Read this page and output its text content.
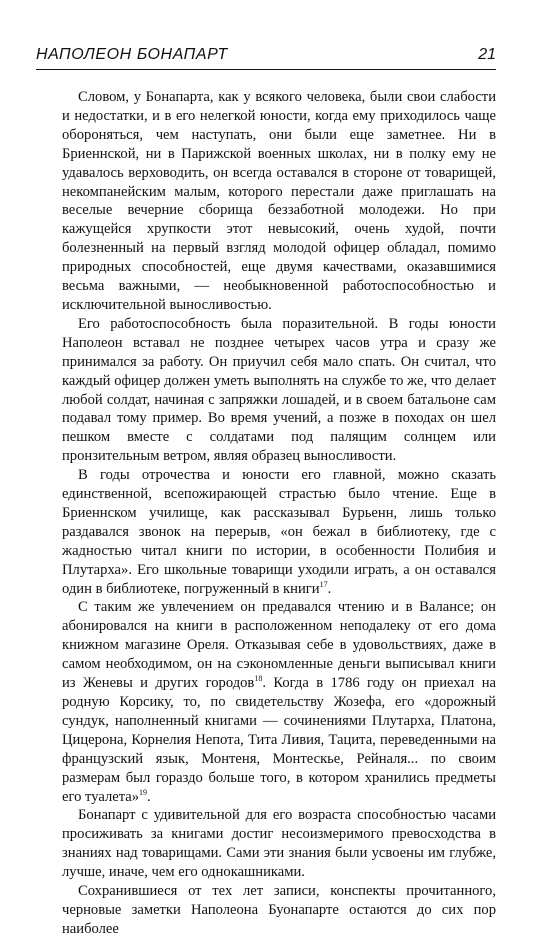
НАПОЛЕОН БОНАПАРТ	21

Словом, у Бонапарта, как у всякого человека, были свои слабости и недостатки, и в его нелегкой юности, когда ему приходилось чаще обороняться, чем наступать, они были еще заметнее. Ни в Бриеннской, ни в Парижской военных школах, ни в полку ему не удавалось верховодить, он всегда оставался в стороне от товарищей, некомпанейским малым, которого перестали даже приглашать на веселые вечерние сборища беззаботной молодежи. Но при кажущейся хрупкости этот невысокий, очень худой, почти болезненный на первый взгляд молодой офицер обладал, помимо природных способностей, еще двумя качествами, оказавшимися весьма важными, — необыкновенной работоспособностью и исключительной выносливостью.

Его работоспособность была поразительной. В годы юности Наполеон вставал не позднее четырех часов утра и сразу же принимался за работу. Он приучил себя мало спать. Он считал, что каждый офицер должен уметь выполнять на службе то же, что делает любой солдат, начиная с запряжки лошадей, и в своем батальоне сам подавал тому пример. Во время учений, а позже в походах он шел пешком вместе с солдатами под палящим солнцем или пронзительным ветром, являя образец выносливости.

В годы отрочества и юности его главной, можно сказать единственной, всепожирающей страстью было чтение. Еще в Бриеннском училище, как рассказывал Бурьенн, лишь только раздавался звонок на перерыв, «он бежал в библиотеку, где с жадностью читал книги по истории, в особенности Полибия и Плутарха». Его школьные товарищи уходили играть, а он оставался один в библиотеке, погруженный в книги$^{17}$.

С таким же увлечением он предавался чтению и в Валансе; он абонировался на книги в расположенном неподалеку от его дома книжном магазине Ореля. Отказывая себе в удовольствиях, даже в самом необходимом, он на сэкономленные деньги выписывал книги из Женевы и других городов$^{18}$. Когда в 1786 году он приехал на родную Корсику, то, по свидетельству Жозефа, его «дорожный сундук, наполненный книгами — сочинениями Плутарха, Платона, Цицерона, Корнелия Непота, Тита Ливия, Тацита, переведенными на французский язык, Монтеня, Монтескье, Рейналя... по своим размерам был гораздо больше того, в котором хранились предметы его туалета»$^{19}$.

Бонапарт с удивительной для его возраста способностью часами просиживать за книгами достиг несоизмеримого превосходства в знаниях над товарищами. Сами эти знания были усвоены им глубже, лучше, иначе, чем его однокашниками.

Сохранившиеся от тех лет записи, конспекты прочитанного, черновые заметки Наполеона Буонапарте остаются до сих пор наиболее
